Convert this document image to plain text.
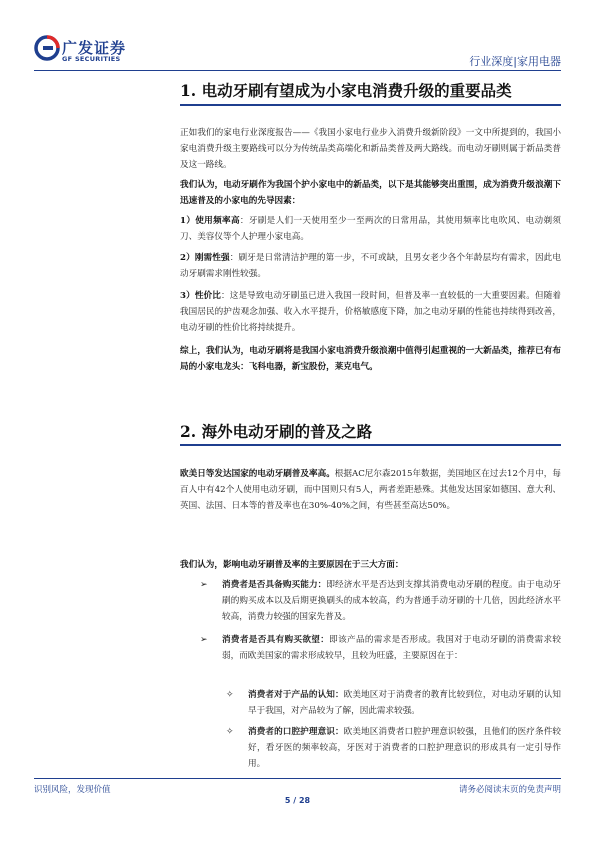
广发证券
GF SECURITIES	行业深度|家用电器
1. 电动牙刷有望成为小家电消费升级的重要品类
正如我们的家电行业深度报告——《我国小家电行业步入消费升级新阶段》一文中所提到的，我国小家电消费升级主要路线可以分为传统品类高端化和新品类普及两大路线。而电动牙刷则属于新品类普及这一路线。
我们认为，电动牙刷作为我国个护小家电中的新品类，以下是其能够突出重围，成为消费升级浪潮下迅速普及的小家电的先导因素：
1）使用频率高：牙刷是人们一天使用至少一至两次的日常用品，其使用频率比电吹风、电动剃须刀、美容仪等个人护理小家电高。
2）刚需性强：刷牙是日常清洁护理的第一步，不可或缺，且男女老少各个年龄层均有需求，因此电动牙刷需求刚性较强。
3）性价比：这是导致电动牙刷虽已进入我国一段时间，但普及率一直较低的一大重要因素。但随着我国居民的护齿观念加强、收入水平提升，价格敏感度下降，加之电动牙刷的性能也持续得到改善，电动牙刷的性价比将持续提升。
综上，我们认为，电动牙刷将是我国小家电消费升级浪潮中值得引起重视的一大新品类，推荐已有布局的小家电龙头：飞科电器，新宝股份，莱克电气。
2. 海外电动牙刷的普及之路
欧美日等发达国家的电动牙刷普及率高。根据AC尼尔森2015年数据，美国地区在过去12个月中，每百人中有42个人使用电动牙刷，而中国则只有5人，两者差距悬殊。其他发达国家如德国、意大利、英国、法国、日本等的普及率也在30%-40%之间，有些甚至高达50%。
我们认为，影响电动牙刷普及率的主要原因在于三大方面：
➢ 消费者是否具备购买能力：即经济水平是否达到支撑其消费电动牙刷的程度。由于电动牙刷的购买成本以及后期更换刷头的成本较高，约为普通手动牙刷的十几倍，因此经济水平较高，消费力较强的国家先普及。
➢ 消费者是否具有购买欲望：即该产品的需求是否形成。我国对于电动牙刷的消费需求较弱，而欧美国家的需求形成较早，且较为旺盛，主要原因在于：
✧ 消费者对于产品的认知：欧美地区对于消费者的教育比较到位，对电动牙刷的认知早于我国，对产品较为了解，因此需求较强。
✧ 消费者的口腔护理意识：欧美地区消费者口腔护理意识较强，且他们的医疗条件较好，看牙医的频率较高，牙医对于消费者的口腔护理意识的形成具有一定引导作用。
识别风险，发现价值	请务必阅读末页的免责声明
5 / 28
